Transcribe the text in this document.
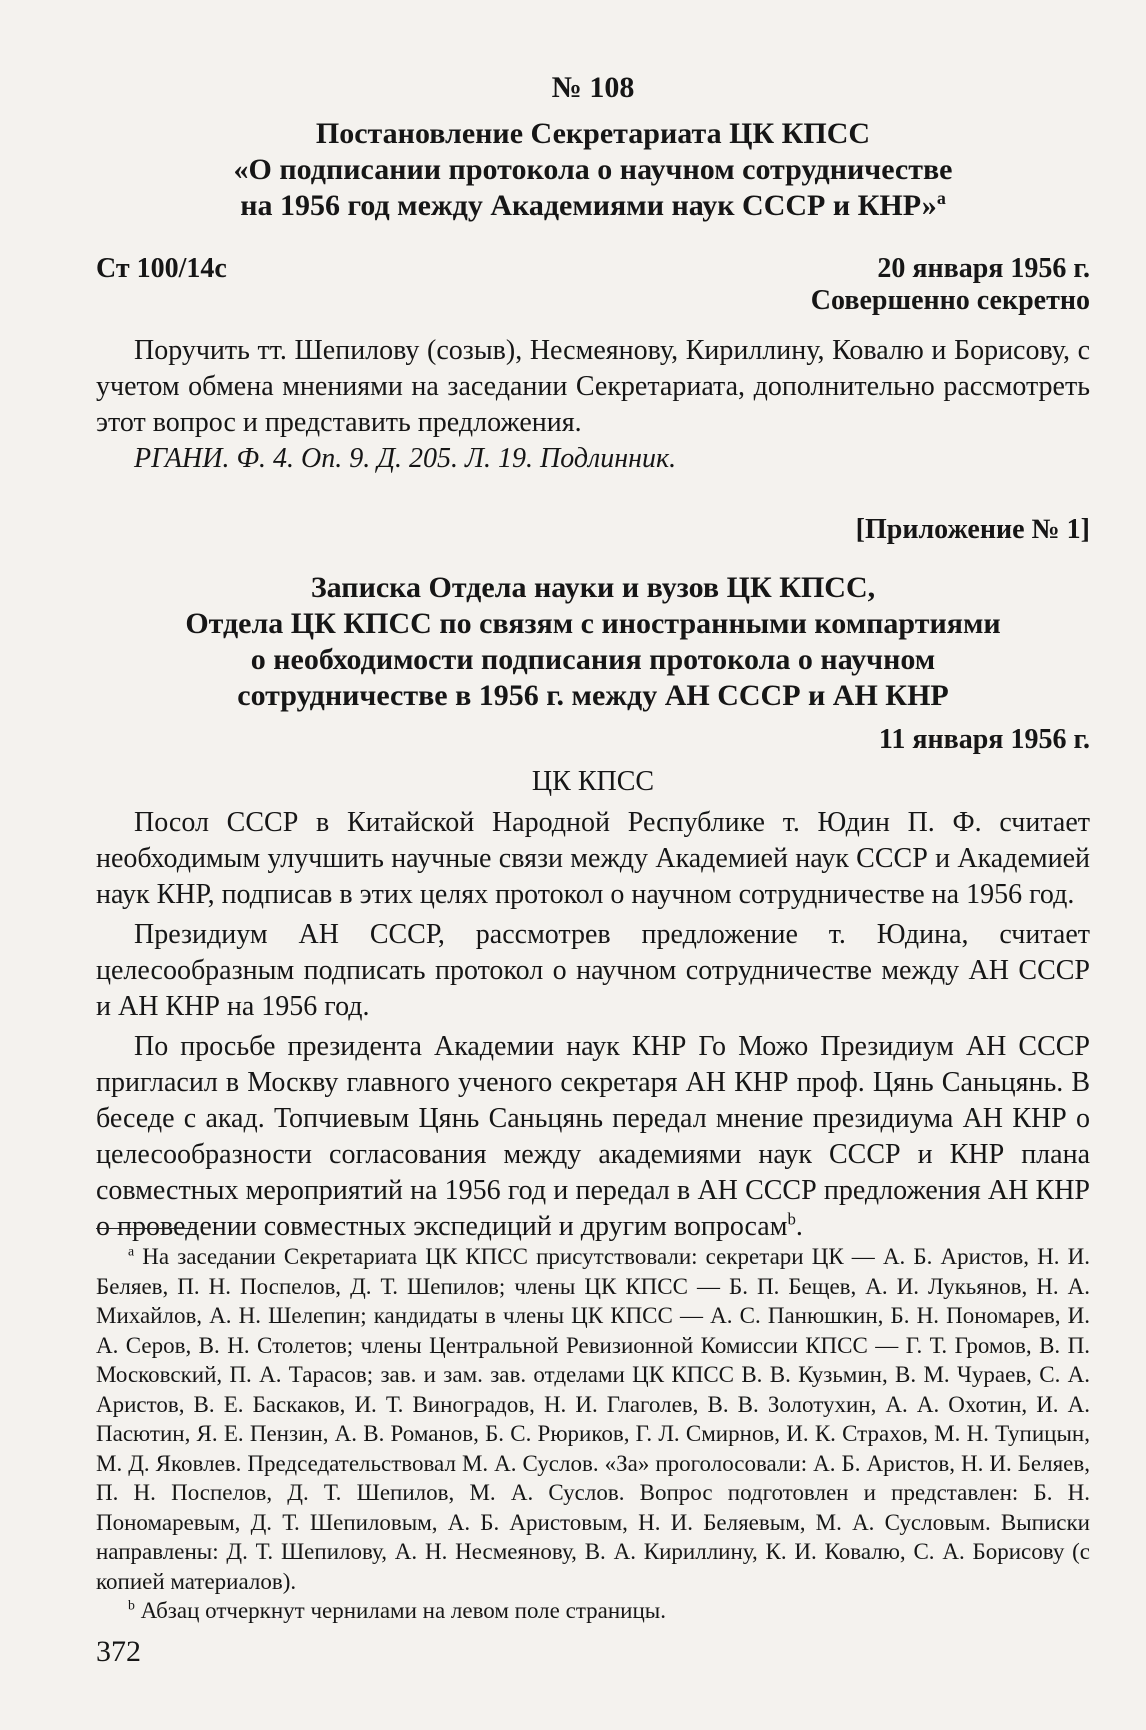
№ 108
Постановление Секретариата ЦК КПСС
«О подписании протокола о научном сотрудничестве
на 1956 год между Академиями наук СССР и КНР»$^a$
Ст 100/14с	20 января 1956 г.
Совершенно секретно

Поручить тт. Шепилову (созыв), Несмеянову, Кириллину, Ковалю и Борисову, с учетом обмена мнениями на заседании Секретариата, дополнительно рассмотреть этот вопрос и представить предложения.

РГАНИ. Ф. 4. Оп. 9. Д. 205. Л. 19. Подлинник.
[Приложение № 1]
Записка Отдела науки и вузов ЦК КПСС,
Отдела ЦК КПСС по связям с иностранными компартиями
о необходимости подписания протокола о научном
сотрудничестве в 1956 г. между АН СССР и АН КНР
11 января 1956 г.
ЦК КПСС

Посол СССР в Китайской Народной Республике т. Юдин П. Ф. считает необходимым улучшить научные связи между Академией наук СССР и Академией наук КНР, подписав в этих целях протокол о научном сотрудничестве на 1956 год.

Президиум АН СССР, рассмотрев предложение т. Юдина, считает целесообразным подписать протокол о научном сотрудничестве между АН СССР и АН КНР на 1956 год.

По просьбе президента Академии наук КНР Го Можо Президиум АН СССР пригласил в Москву главного ученого секретаря АН КНР проф. Цянь Саньцянь. В беседе с акад. Топчиевым Цянь Саньцянь передал мнение президиума АН КНР о целесообразности согласования между академиями наук СССР и КНР плана совместных мероприятий на 1956 год и передал в АН СССР предложения АН КНР о проведении совместных экспедиций и другим вопросам$^b$.

$^a$ На заседании Секретариата ЦК КПСС присутствовали: секретари ЦК — А. Б. Аристов, Н. И. Беляев, П. Н. Поспелов, Д. Т. Шепилов; члены ЦК КПСС — Б. П. Бещев, А. И. Лукьянов, Н. А. Михайлов, А. Н. Шелепин; кандидаты в члены ЦК КПСС — А. С. Панюшкин, Б. Н. Пономарев, И. А. Серов, В. Н. Столетов; члены Центральной Ревизионной Комиссии КПСС — Г. Т. Громов, В. П. Московский, П. А. Тарасов; зав. и зам. зав. отделами ЦК КПСС В. В. Кузьмин, В. М. Чураев, С. А. Аристов, В. Е. Баскаков, И. Т. Виноградов, Н. И. Глаголев, В. В. Золотухин, А. А. Охотин, И. А. Пасютин, Я. Е. Пензин, А. В. Романов, Б. С. Рюриков, Г. Л. Смирнов, И. К. Страхов, М. Н. Тупицын, М. Д. Яковлев. Председательствовал М. А. Суслов. «За» проголосовали: А. Б. Аристов, Н. И. Беляев, П. Н. Поспелов, Д. Т. Шепилов, М. А. Суслов. Вопрос подготовлен и представлен: Б. Н. Пономаревым, Д. Т. Шепиловым, А. Б. Аристовым, Н. И. Беляевым, М. А. Сусловым. Выписки направлены: Д. Т. Шепилову, А. Н. Несмеянову, В. А. Кириллину, К. И. Ковалю, С. А. Борисову (с копией материалов).

$^b$ Абзац отчеркнут чернилами на левом поле страницы.

372
